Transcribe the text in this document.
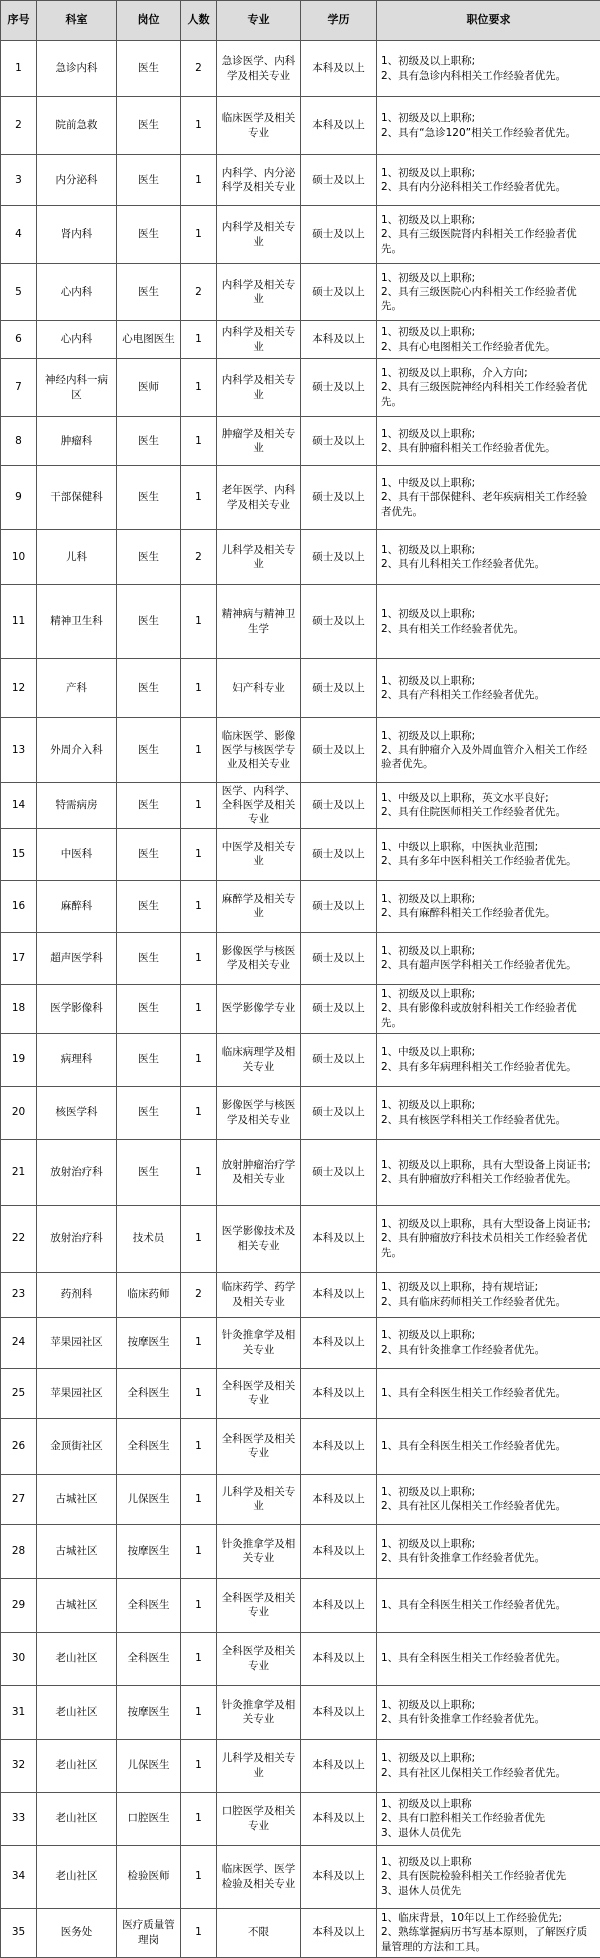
序号	科室	岗位	人数	专业	学历	职位要求
1	急诊内科	医生	2	急诊医学、内科学及相关专业	本科及以上	1、初级及以上职称;
2、具有急诊内科相关工作经验者优先。
2	院前急救	医生	1	临床医学及相关专业	本科及以上	1、初级及以上职称;
2、具有“急诊120”相关工作经验者优先。
3	内分泌科	医生	1	内科学、内分泌科学及相关专业	硕士及以上	1、初级及以上职称;
2、具有内分泌科相关工作经验者优先。
4	肾内科	医生	1	内科学及相关专业	硕士及以上	1、初级及以上职称;
2、具有三级医院肾内科相关工作经验者优先。
5	心内科	医生	2	内科学及相关专业	硕士及以上	1、初级及以上职称;
2、具有三级医院心内科相关工作经验者优先。
6	心内科	心电图医生	1	内科学及相关专业	本科及以上	1、初级及以上职称;
2、具有心电图相关工作经验者优先。
7	神经内科一病区	医师	1	内科学及相关专业	硕士及以上	1、初级及以上职称，介入方向;
2、具有三级医院神经内科相关工作经验者优先。
8	肿瘤科	医生	1	肿瘤学及相关专业	硕士及以上	1、初级及以上职称;
2、具有肿瘤科相关工作经验者优先。
9	干部保健科	医生	1	老年医学、内科学及相关专业	硕士及以上	1、中级及以上职称;
2、具有干部保健科、老年疾病相关工作经验者优先。
10	儿科	医生	2	儿科学及相关专业	硕士及以上	1、初级及以上职称;
2、具有儿科相关工作经验者优先。
11	精神卫生科	医生	1	精神病与精神卫生学	硕士及以上	1、初级及以上职称;
2、具有相关工作经验者优先。
12	产科	医生	1	妇产科专业	硕士及以上	1、初级及以上职称;
2、具有产科相关工作经验者优先。
13	外周介入科	医生	1	临床医学、影像医学与核医学专业及相关专业	硕士及以上	1、初级及以上职称;
2、具有肿瘤介入及外周血管介入相关工作经验者优先。
14	特需病房	医生	1	医学、内科学、全科医学及相关专业	硕士及以上	1、中级及以上职称，英文水平良好;
2、具有住院医师相关工作经验者优先。
15	中医科	医生	1	中医学及相关专业	硕士及以上	1、中级以上职称，中医执业范围;
2、具有多年中医科相关工作经验者优先。
16	麻醉科	医生	1	麻醉学及相关专业	硕士及以上	1、初级及以上职称;
2、具有麻醉科相关工作经验者优先。
17	超声医学科	医生	1	影像医学与核医学及相关专业	硕士及以上	1、初级及以上职称;
2、具有超声医学科相关工作经验者优先。
18	医学影像科	医生	1	医学影像学专业	硕士及以上	1、初级及以上职称;
2、具有影像科或放射科相关工作经验者优先。
19	病理科	医生	1	临床病理学及相关专业	硕士及以上	1、中级及以上职称;
2、具有多年病理科相关工作经验者优先。
20	核医学科	医生	1	影像医学与核医学及相关专业	硕士及以上	1、初级及以上职称;
2、具有核医学科相关工作经验者优先。
21	放射治疗科	医生	1	放射肿瘤治疗学及相关专业	硕士及以上	1、初级及以上职称，具有大型设备上岗证书;
2、具有肿瘤放疗科相关工作经验者优先。
22	放射治疗科	技术员	1	医学影像技术及相关专业	本科及以上	1、初级及以上职称，具有大型设备上岗证书;
2、具有肿瘤放疗科技术员相关工作经验者优先。
23	药剂科	临床药师	2	临床药学、药学及相关专业	本科及以上	1、初级及以上职称，持有规培证;
2、具有临床药师相关工作经验者优先。
24	苹果园社区	按摩医生	1	针灸推拿学及相关专业	本科及以上	1、初级及以上职称;
2、具有针灸推拿工作经验者优先。
25	苹果园社区	全科医生	1	全科医学及相关专业	本科及以上	1、具有全科医生相关工作经验者优先。
26	金顶街社区	全科医生	1	全科医学及相关专业	本科及以上	1、具有全科医生相关工作经验者优先。
27	古城社区	儿保医生	1	儿科学及相关专业	本科及以上	1、初级及以上职称;
2、具有社区儿保相关工作经验者优先。
28	古城社区	按摩医生	1	针灸推拿学及相关专业	本科及以上	1、初级及以上职称;
2、具有针灸推拿工作经验者优先。
29	古城社区	全科医生	1	全科医学及相关专业	本科及以上	1、具有全科医生相关工作经验者优先。
30	老山社区	全科医生	1	全科医学及相关专业	本科及以上	1、具有全科医生相关工作经验者优先。
31	老山社区	按摩医生	1	针灸推拿学及相关专业	本科及以上	1、初级及以上职称;
2、具有针灸推拿工作经验者优先。
32	老山社区	儿保医生	1	儿科学及相关专业	本科及以上	1、初级及以上职称;
2、具有社区儿保相关工作经验者优先。
33	老山社区	口腔医生	1	口腔医学及相关专业	本科及以上	1、初级及以上职称
2、具有口腔科相关工作经验者优先
3、退休人员优先
34	老山社区	检验医师	1	临床医学、医学检验及相关专业	本科及以上	1、初级及以上职称
2、具有医院检验科相关工作经验者优先
3、退休人员优先
35	医务处	医疗质量管理岗	1	不限	本科及以上	1、临床背景，10年以上工作经验优先;
2、熟练掌握病历书写基本原则，了解医疗质量管理的方法和工具。
